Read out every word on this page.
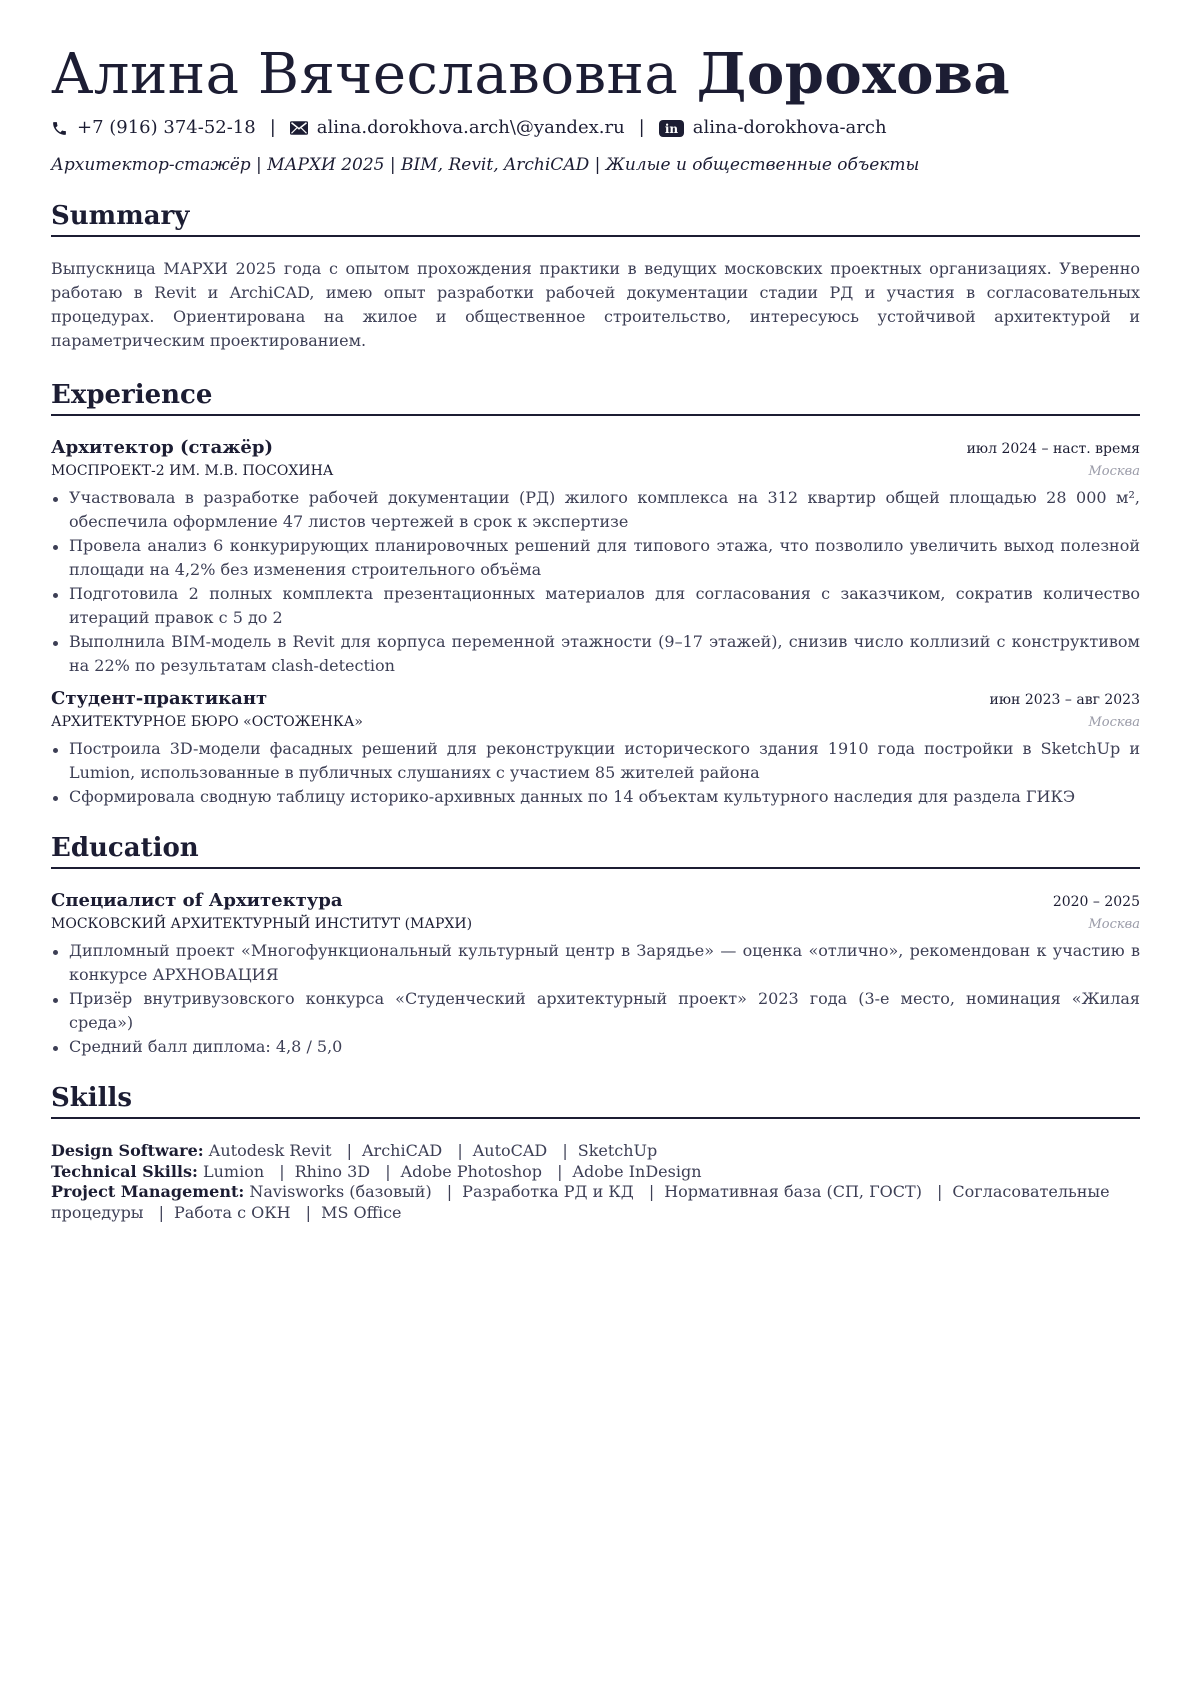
Алина Вячеславовна Дорохова
+7 (916) 374-52-18 | alina.dorokhova.arch\@yandex.ru | in alina-dorokhova-arch
Архитектор-стажёр | МАРХИ 2025 | BIM, Revit, ArchiCAD | Жилые и общественные объекты
Summary

Выпускница МАРХИ 2025 года с опытом прохождения практики в ведущих московских проектных организациях. Уверенно работаю в Revit и ArchiCAD, имею опыт разработки рабочей документации стадии РД и участия в согласовательных процедурах. Ориентирована на жилое и общественное строительство, интересуюсь устойчивой архитектурой и параметрическим проектированием.

Experience
Архитектор (стажёр)	июл 2024 – наст. время
МОСПРОЕКТ-2 ИМ. М.В. ПОСОХИНА	Москва
Участвовала в разработке рабочей документации (РД) жилого комплекса на 312 квартир общей площадью 28 000 м², обеспечила оформление 47 листов чертежей в срок к экспертизе
Провела анализ 6 конкурирующих планировочных решений для типового этажа, что позволило увеличить выход полезной площади на 4,2% без изменения строительного объёма
Подготовила 2 полных комплекта презентационных материалов для согласования с заказчиком, сократив количество итераций правок с 5 до 2
Выполнила BIM-модель в Revit для корпуса переменной этажности (9–17 этажей), снизив число коллизий с конструктивом на 22% по результатам clash-detection
Студент-практикант	июн 2023 – авг 2023
АРХИТЕКТУРНОЕ БЮРО «ОСТОЖЕНКА»	Москва
Построила 3D-модели фасадных решений для реконструкции исторического здания 1910 года постройки в SketchUp и Lumion, использованные в публичных слушаниях с участием 85 жителей района
Сформировала сводную таблицу историко-архивных данных по 14 объектам культурного наследия для раздела ГИКЭ
Education
Специалист of Архитектура	2020 – 2025
МОСКОВСКИЙ АРХИТЕКТУРНЫЙ ИНСТИТУТ (МАРХИ)	Москва
Дипломный проект «Многофункциональный культурный центр в Зарядье» — оценка «отлично», рекомендован к участию в конкурсе АРХНОВАЦИЯ
Призёр внутривузовского конкурса «Студенческий архитектурный проект» 2023 года (3-е место, номинация «Жилая среда»)
Средний балл диплома: 4,8 / 5,0
Skills
Design Software: Autodesk Revit | ArchiCAD | AutoCAD | SketchUp
Technical Skills: Lumion | Rhino 3D | Adobe Photoshop | Adobe InDesign
Project Management: Navisworks (базовый) | Разработка РД и КД | Нормативная база (СП, ГОСТ) | Согласовательные процедуры | Работа с ОКН | MS Office
